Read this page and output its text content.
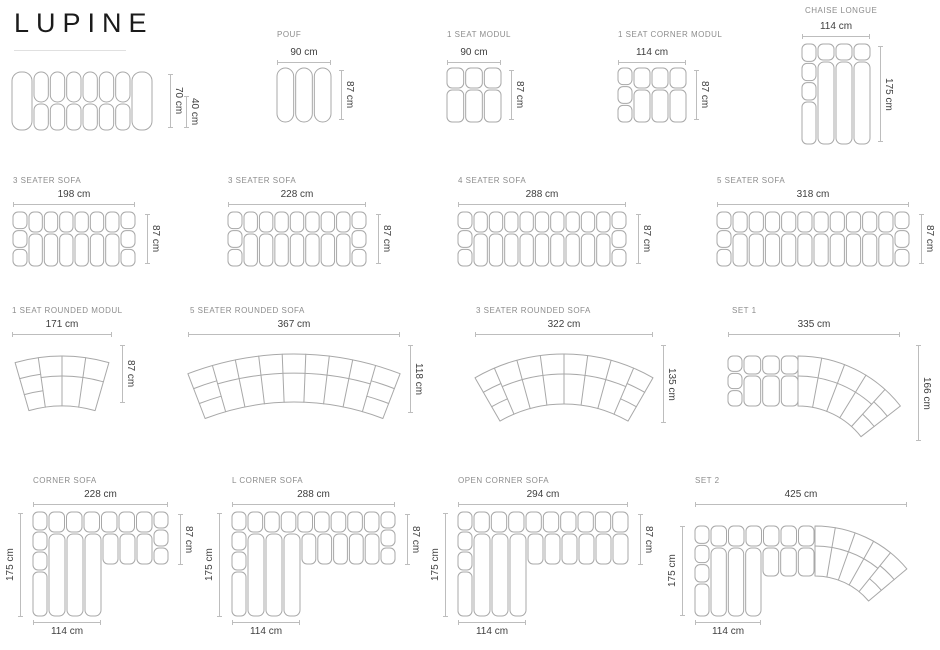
LUPINE
70 cm 40 cm
POUF
90 cm
87 cm
1 SEAT MODUL
90 cm
87 cm
1 SEAT CORNER MODUL
114 cm
87 cm
CHAISE LONGUE
114 cm
175 cm
3 SEATER SOFA
198 cm
87 cm
3 SEATER SOFA
228 cm
87 cm
4 SEATER SOFA
288 cm
87 cm
5 SEATER SOFA
318 cm
87 cm
1 SEAT ROUNDED MODUL
171 cm
87 cm
5 SEATER ROUNDED SOFA
367 cm
118 cm
3 SEATER ROUNDED SOFA
322 cm
135 cm
SET 1
335 cm
166 cm
CORNER SOFA
228 cm
87 cm
175 cm
114 cm
L CORNER SOFA
288 cm
87 cm
175 cm
114 cm
OPEN CORNER SOFA
294 cm
87 cm
175 cm
114 cm
SET 2
425 cm
175 cm
114 cm
